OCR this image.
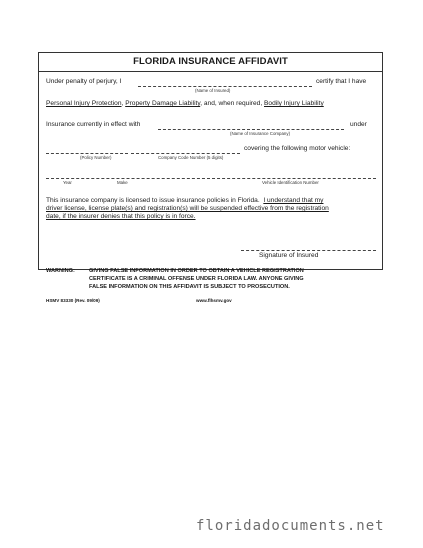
FLORIDA INSURANCE AFFIDAVIT
Under penalty of perjury, I	certify that I have
(Name of Insured)
Personal Injury Protection, Property Damage Liability, and, when required, Bodily Injury Liability
Insurance currently in effect with	under
(Name of Insurance Company)
covering the following motor vehicle:
(Policy Number)	Company Code Number (5 digits)
Year	Make	Vehicle Identification Number
This insurance company is licensed to issue insurance policies in Florida. I understand that my
driver license, license plate(s) and registration(s) will be suspended effective from the registration
date, if the insurer denies that this policy is in force.
Signature of Insured
WARNING:	GIVING FALSE INFORMATION IN ORDER TO OBTAIN A VEHICLE REGISTRATION
CERTIFICATE IS A CRIMINAL OFFENSE UNDER FLORIDA LAW. ANYONE GIVING
FALSE INFORMATION ON THIS AFFIDAVIT IS SUBJECT TO PROSECUTION.
HSMV 83330 (Rev. 09/09)	www.flhsmv.gov
floridadocuments.net
